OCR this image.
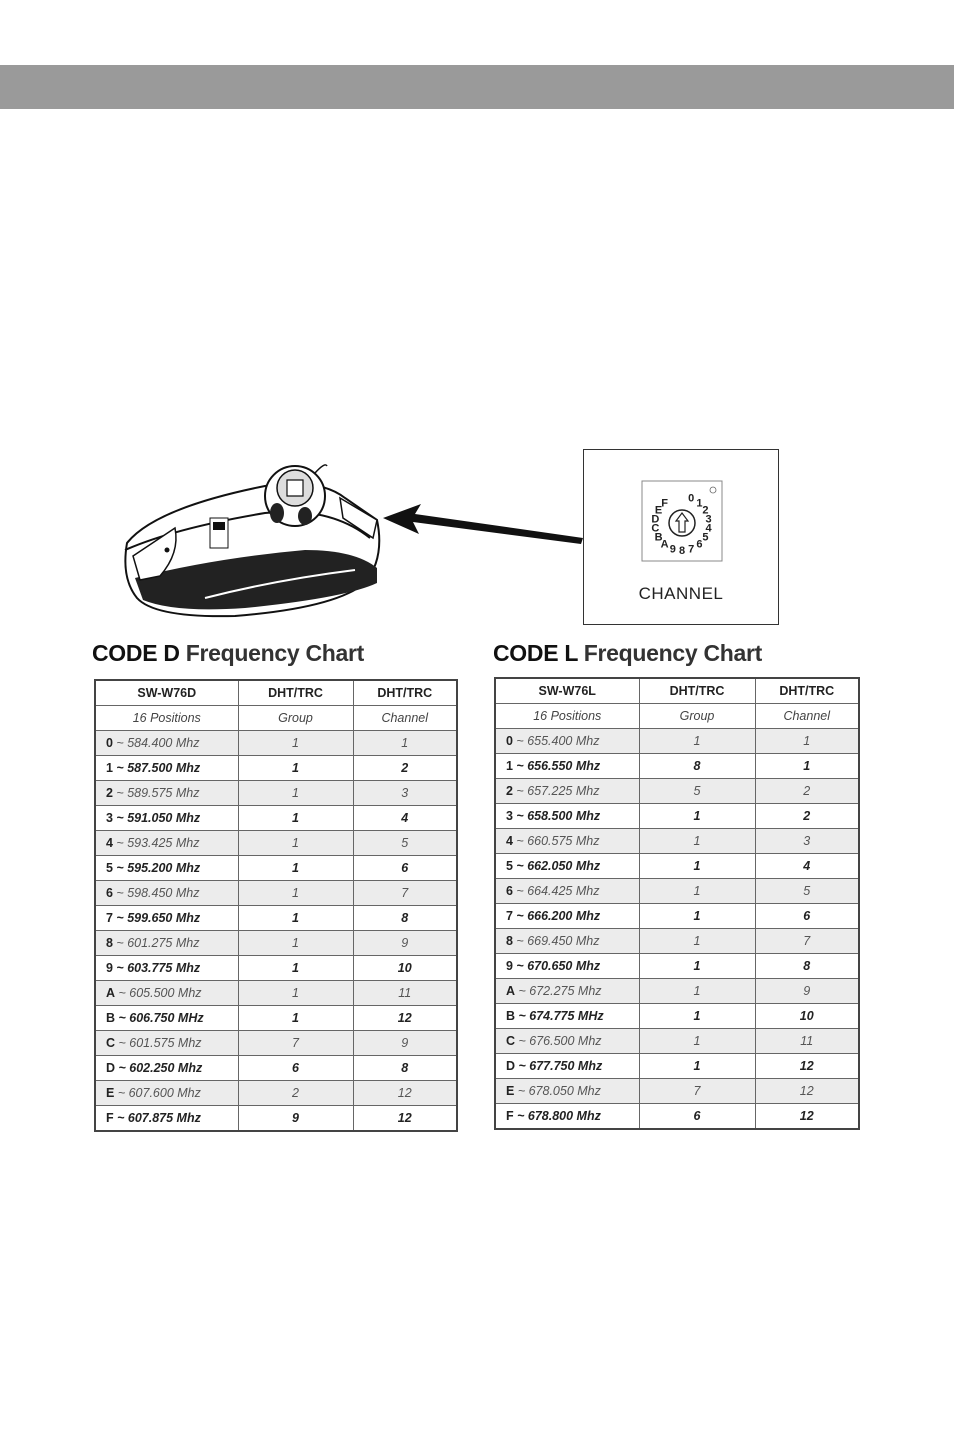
0 1
2
3
4
5
6
7
8
9
A
B
C
D
E
F
CHANNEL
CODE D Frequency Chart	CODE L Frequency Chart
SW-W76D	DHT/TRC	DHT/TRC
16 Positions	Group	Channel
0 ~ 584.400 Mhz	1	1
1 ~ 587.500 Mhz	1	2
2 ~ 589.575 Mhz	1	3
3 ~ 591.050 Mhz	1	4
4 ~ 593.425 Mhz	1	5
5 ~ 595.200 Mhz	1	6
6 ~ 598.450 Mhz	1	7
7 ~ 599.650 Mhz	1	8
8 ~ 601.275 Mhz	1	9
9 ~ 603.775 Mhz	1	10
A ~ 605.500 Mhz	1	11
B ~ 606.750 MHz	1	12
C ~ 601.575 Mhz	7	9
D ~ 602.250 Mhz	6	8
E ~ 607.600 Mhz	2	12
F ~ 607.875 Mhz	9	12
SW-W76L	DHT/TRC	DHT/TRC
16 Positions	Group	Channel
0 ~ 655.400 Mhz	1	1
1 ~ 656.550 Mhz	8	1
2 ~ 657.225 Mhz	5	2
3 ~ 658.500 Mhz	1	2
4 ~ 660.575 Mhz	1	3
5 ~ 662.050 Mhz	1	4
6 ~ 664.425 Mhz	1	5
7 ~ 666.200 Mhz	1	6
8 ~ 669.450 Mhz	1	7
9 ~ 670.650 Mhz	1	8
A ~ 672.275 Mhz	1	9
B ~ 674.775 MHz	1	10
C ~ 676.500 Mhz	1	11
D ~ 677.750 Mhz	1	12
E ~ 678.050 Mhz	7	12
F ~ 678.800 Mhz	6	12
